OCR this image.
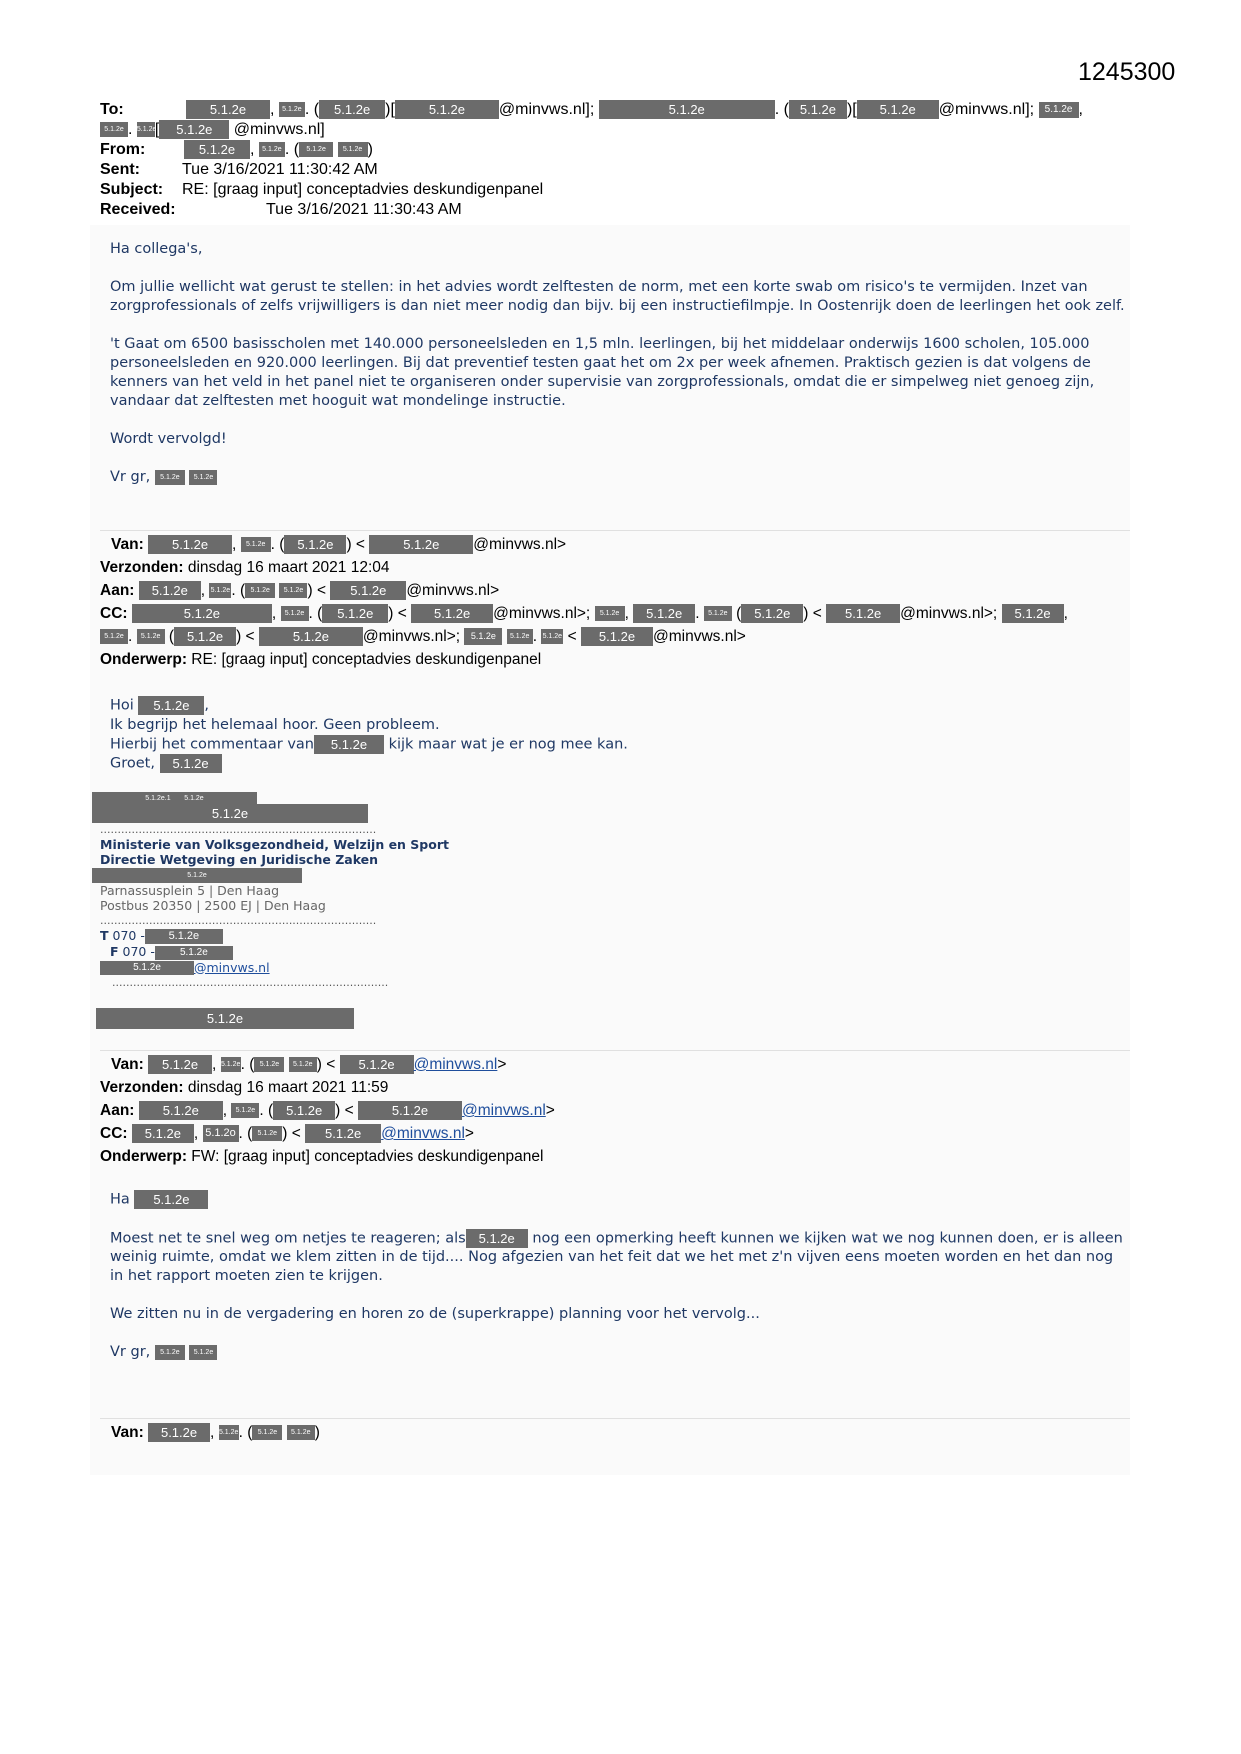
1245300
To:	5.1.2e , 5.1.2e . ( 5.1.2e )[	5.1.2e @minvws.nl];	5.1.2e	. ( 5.1.2e )[ 5.1.2e @minvws.nl]; 5.1.2e ,
5.1.2e . 5.1.2e[ 5.1.2e @minvws.nl]
From:	5.1.2e , 5.1.2e . ( 5.1.2e 5.1.2e )
Sent:	Tue 3/16/2021 11:30:42 AM
Subject: RE: [graag input] conceptadvies deskundigenpanel
Received:	Tue 3/16/2021 11:30:43 AM
Ha collega's,
Om jullie wellicht wat gerust te stellen: in het advies wordt zelftesten de norm, met een korte swab om risico's te vermijden. Inzet van zorgprofessionals of zelfs vrijwilligers is dan niet meer nodig dan bijv. bij een instructiefilmpje. In Oostenrijk doen de leerlingen het ook zelf.
't Gaat om 6500 basisscholen met 140.000 personeelsleden en 1,5 mln. leerlingen, bij het middelaar onderwijs 1600 scholen, 105.000 personeelsleden en 920.000 leerlingen. Bij dat preventief testen gaat het om 2x per week afnemen. Praktisch gezien is dat volgens de kenners van het veld in het panel niet te organiseren onder supervisie van zorgprofessionals, omdat die er simpelweg niet genoeg zijn, vandaar dat zelftesten met hooguit wat mondelinge instructie.
Wordt vervolgd!
Vr gr, 5.1.2e 5.1.2e
Van: 5.1.2e , 5.1.2e . ( 5.1.2e ) <	5.1.2e @minvws.nl>
Verzonden: dinsdag 16 maart 2021 12:04
Aan: 5.1.2e , 5.1.2e. ( 5.1.2e 5.1.2e ) < 5.1.2e @minvws.nl>
CC:	5.1.2e	, 5.1.2e . ( 5.1.2e ) < 5.1.2e @minvws.nl>; 5.1.2e , 5.1.2e . 5.1.2e ( 5.1.2e ) < 5.1.2e @minvws.nl>; 5.1.2e ,
5.1.2e . 5.1.2e ( 5.1.2e ) <	5.1.2e @minvws.nl>; 5.1.2e 5.1.2e . 5.1.2e < 5.1.2e @minvws.nl>
Onderwerp: RE: [graag input] conceptadvies deskundigenpanel
Hoi 5.1.2e ,
Ik begrijp het helemaal hoor. Geen probleem.
Hierbij het commentaar van 5.1.2e kijk maar wat je er nog mee kan.
Groet, 5.1.2e
5.1.2e.1 5.1.2e
5.1.2e
...............................................................................
Ministerie van Volksgezondheid, Welzijn en Sport
Directie Wetgeving en Juridische Zaken
5.1.2e
Parnassusplein 5 | Den Haag
Postbus 20350 | 2500 EJ | Den Haag
...............................................................................
T 070 - 5.1.2e
F 070 -	5.1.2e
5.1.2e	@minvws.nl
...............................................................................
5.1.2e
Van: 5.1.2e , 5.1.2e. ( 5.1.2e 5.1.2e ) < 5.1.2e @minvws.nl>
Verzonden: dinsdag 16 maart 2021 11:59
Aan: 5.1.2e , 5.1.2e . ( 5.1.2e ) <	5.1.2e @minvws.nl>
CC: 5.1.2e , 5.1.2o . ( 5.1.2e ) < 5.1.2e @minvws.nl>
Onderwerp: FW: [graag input] conceptadvies deskundigenpanel
Ha 5.1.2e
Moest net te snel weg om netjes te reageren; als 5.1.2e nog een opmerking heeft kunnen we kijken wat we nog kunnen doen, er is alleen weinig ruimte, omdat we klem zitten in de tijd.... Nog afgezien van het feit dat we het met z'n vijven eens moeten worden en het dan nog in het rapport moeten zien te krijgen.
We zitten nu in de vergadering en horen zo de (superkrappe) planning voor het vervolg...
Vr gr, 5.1.2e 5.1.2e
Van: 5.1.2e , 5.1.2e. ( 5.1.2e 5.1.2e )
